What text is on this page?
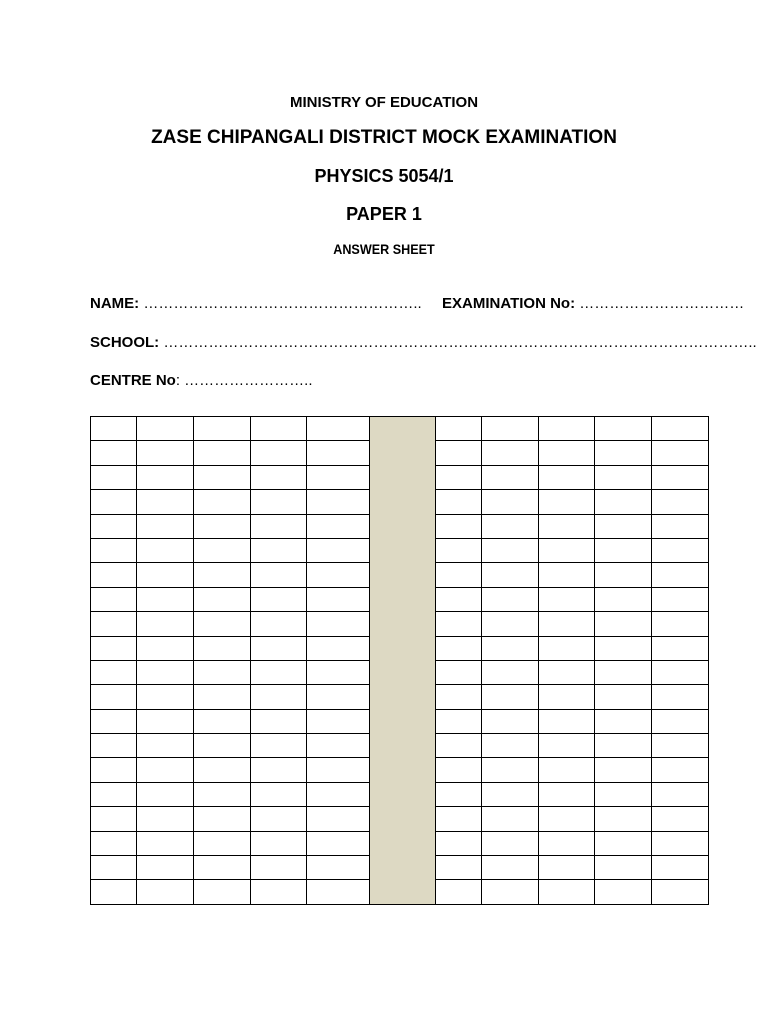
MINISTRY OF EDUCATION
ZASE CHIPANGALI DISTRICT MOCK EXAMINATION
PHYSICS 5054/1
PAPER 1
ANSWER SHEET
NAME: ……………………………………………….. EXAMINATION No: ……………………………
SCHOOL: ………………………………………………………………………………………………………..
CENTRE No: ……………………..
